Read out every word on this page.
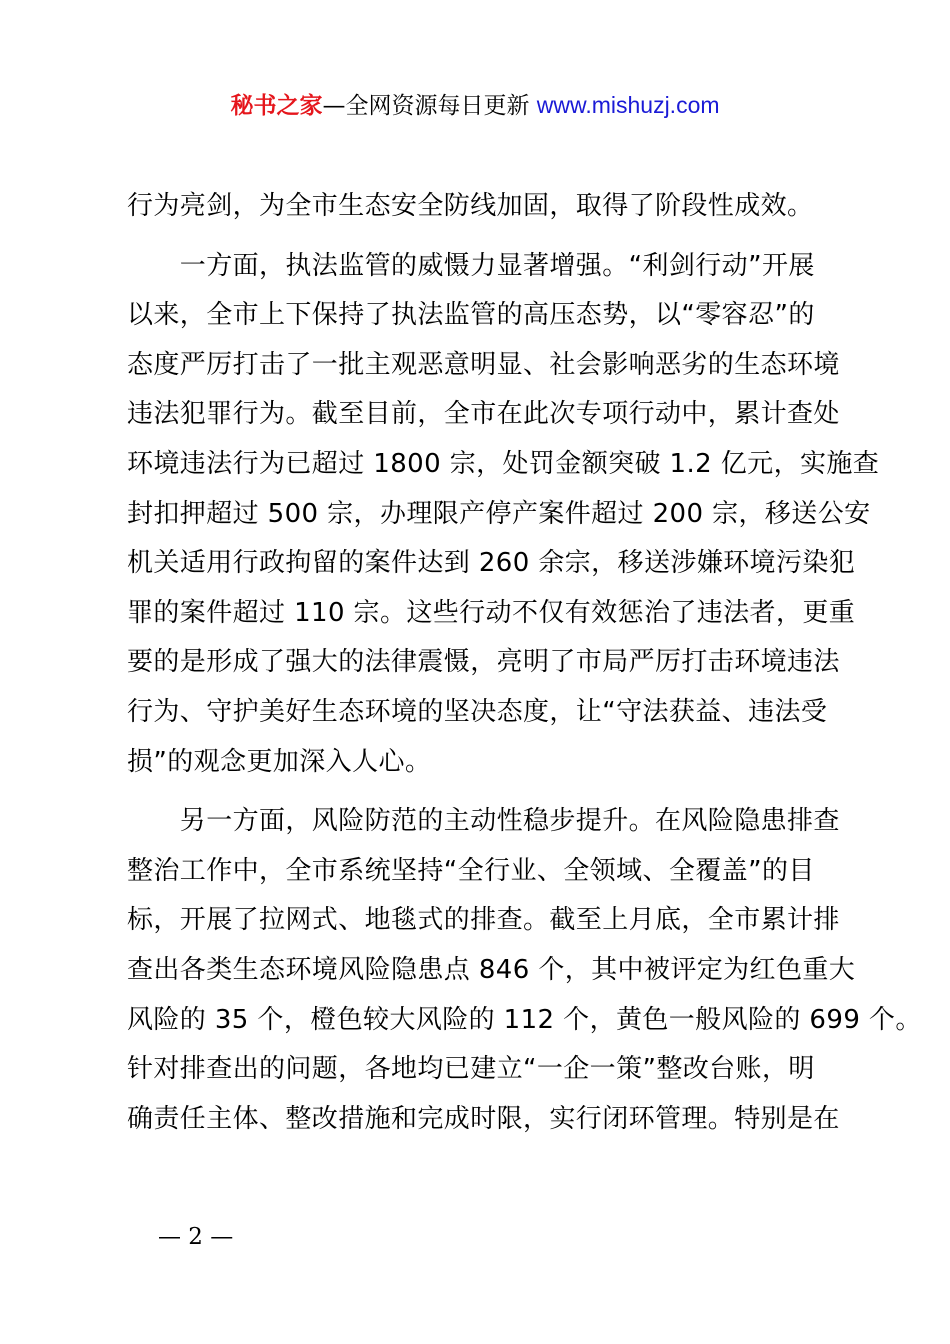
秘书之家—全网资源每日更新 www.mishuzj.com

行为亮剑，为全市生态安全防线加固，取得了阶段性成效。

　　一方面，执法监管的威慑力显著增强。“利剑行动”开展
以来，全市上下保持了执法监管的高压态势，以“零容忍”的
态度严厉打击了一批主观恶意明显、社会影响恶劣的生态环境
违法犯罪行为。截至目前，全市在此次专项行动中，累计查处
环境违法行为已超过 1800 宗，处罚金额突破 1.2 亿元，实施查
封扣押超过 500 宗，办理限产停产案件超过 200 宗，移送公安
机关适用行政拘留的案件达到 260 余宗，移送涉嫌环境污染犯
罪的案件超过 110 宗。这些行动不仅有效惩治了违法者，更重
要的是形成了强大的法律震慑，亮明了市局严厉打击环境违法
行为、守护美好生态环境的坚决态度，让“守法获益、违法受
损”的观念更加深入人心。

　　另一方面，风险防范的主动性稳步提升。在风险隐患排查
整治工作中，全市系统坚持“全行业、全领域、全覆盖”的目
标，开展了拉网式、地毯式的排查。截至上月底，全市累计排
查出各类生态环境风险隐患点 846 个，其中被评定为红色重大
风险的 35 个，橙色较大风险的 112 个，黄色一般风险的 699 个。
针对排查出的问题，各地均已建立“一企一策”整改台账，明
确责任主体、整改措施和完成时限，实行闭环管理。特别是在

— 2 —
